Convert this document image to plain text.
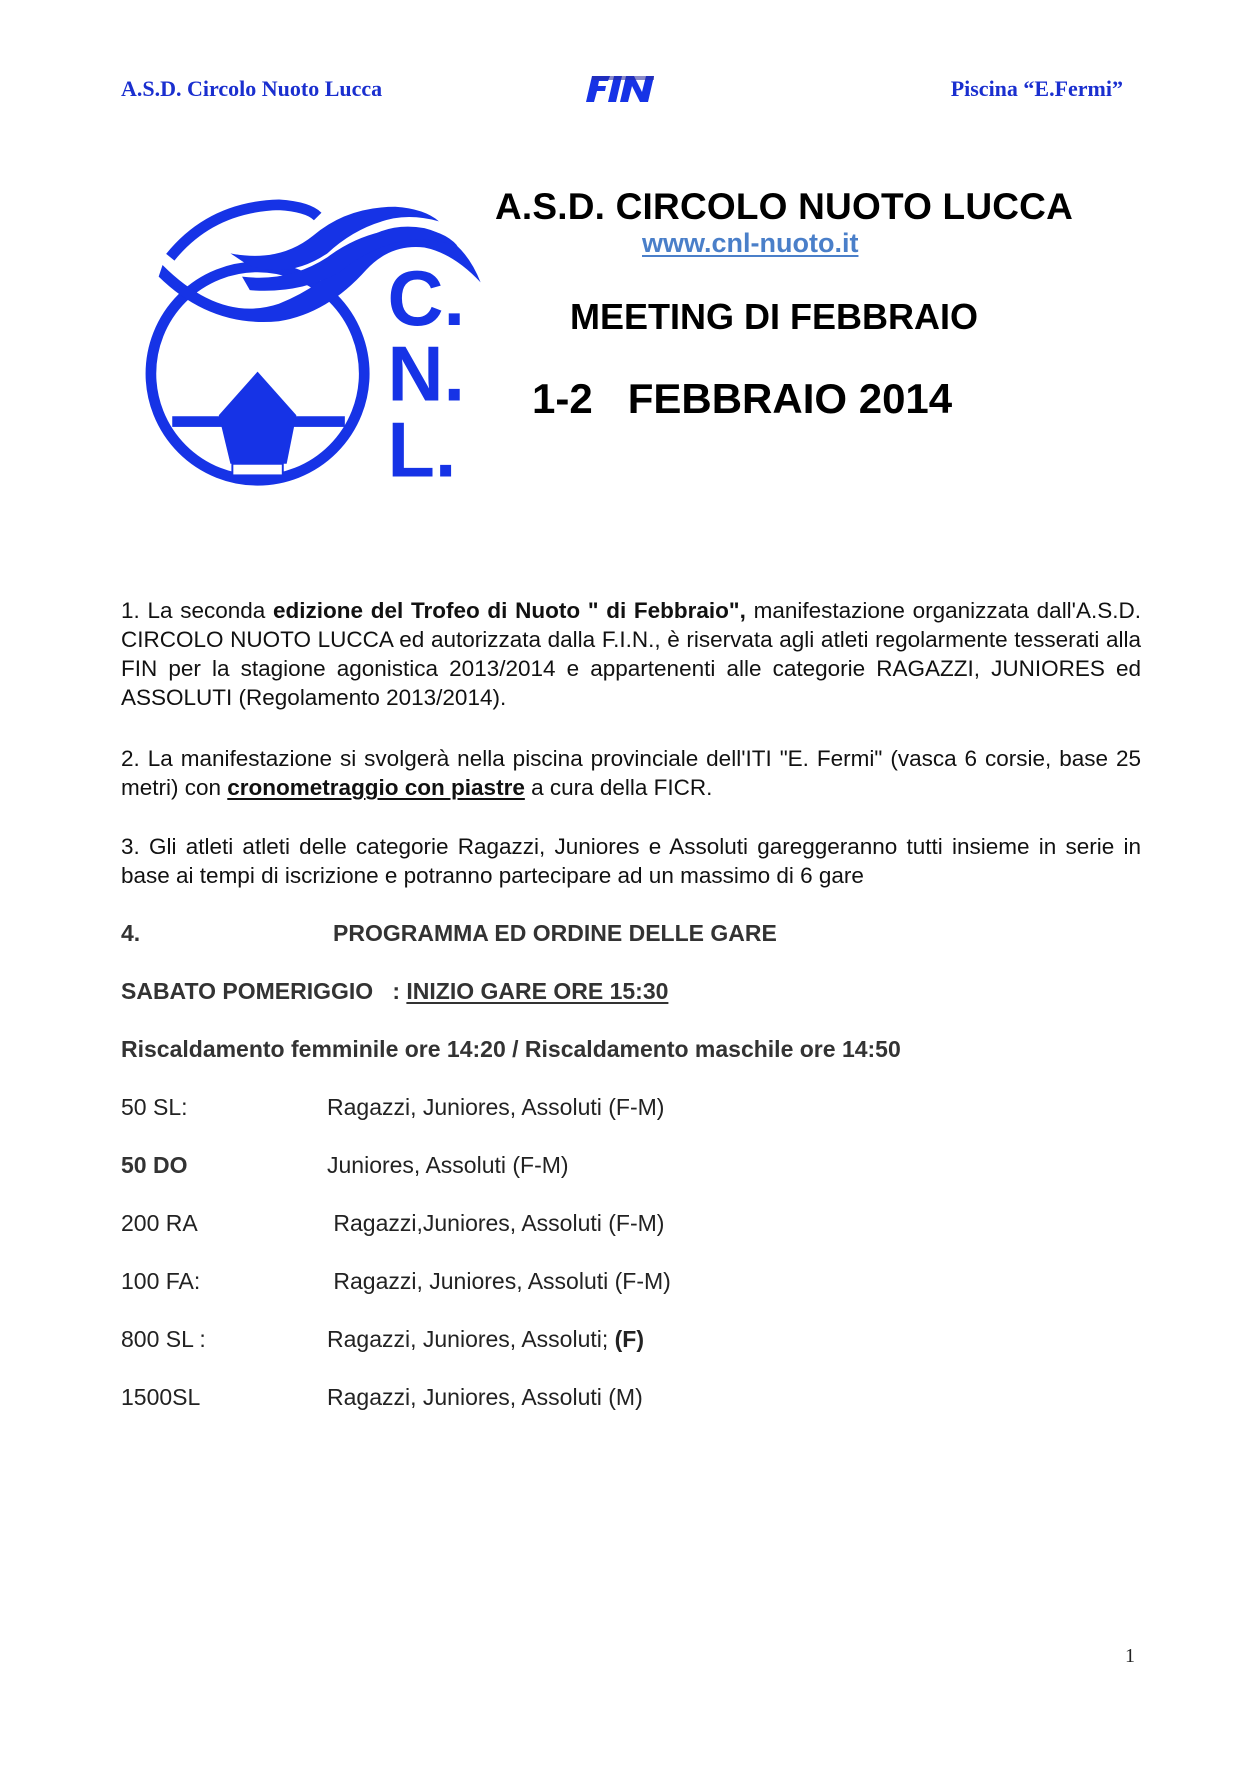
A.S.D. Circolo Nuoto Lucca	Piscina “E.Fermi”
C.
N.
L.
A.S.D. CIRCOLO NUOTO LUCCA
www.cnl-nuoto.it
MEETING DI FEBBRAIO
1-2   FEBBRAIO 2014
1. La seconda edizione del Trofeo di Nuoto " di Febbraio", manifestazione organizzata dall'A.S.D. CIRCOLO NUOTO LUCCA ed autorizzata dalla F.I.N., è riservata agli atleti regolarmente tesserati alla FIN per la stagione agonistica 2013/2014 e appartenenti alle categorie RAGAZZI, JUNIORES ed ASSOLUTI (Regolamento 2013/2014).
2. La manifestazione si svolgerà nella piscina provinciale dell'ITI "E. Fermi" (vasca 6 corsie, base 25 metri) con cronometraggio con piastre a cura della FICR.
3. Gli atleti atleti delle categorie Ragazzi, Juniores e Assoluti gareggeranno tutti insieme in serie in base ai tempi di iscrizione e potranno partecipare ad un massimo di 6 gare
4.	PROGRAMMA ED ORDINE DELLE GARE
SABATO POMERIGGIO   : INIZIO GARE ORE 15:30
Riscaldamento femminile ore 14:20 / Riscaldamento maschile ore 14:50
50 SL:	Ragazzi, Juniores, Assoluti (F-M)
50 DO	Juniores, Assoluti (F-M)
200 RA	Ragazzi,Juniores, Assoluti (F-M)
100 FA:	Ragazzi, Juniores, Assoluti (F-M)
800 SL :	Ragazzi, Juniores, Assoluti; (F)
1500SL	Ragazzi, Juniores, Assoluti (M)
1
